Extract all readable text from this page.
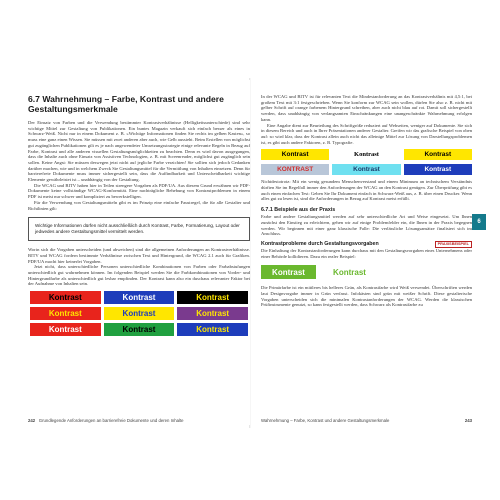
6.7 Wahrnehmung – Farbe, Kontrast und andere Gestaltungsmerkmale

Der Einsatz von Farben und die Verwendung bestimmter Kontrastverhältnisse (Helligkeitsunterschiede) sind sehr wichtige Mittel zur Gestaltung von Publikationen. Ein buntes Magazin verkauft sich einfach besser als eines in Schwarz-Weiß. Nicht nur in einem Dokument z. B. »Wichtige Informationen finden Sie rechts im gelben Kasten«, so muss eine ganz einen Wissen. Sie müssen mit zwei anderen aber auch, wie Gelb aussieht. Beim Erstellen von möglichst gut zugänglichen Publikationen gilt es je nach angewendeter Umsetzungsstrategie einige relevante Regeln in Bezug auf Farbe, Kontrast und alle anderen visuellen Gestaltungsmöglichkeiten zu beachten. Denn es wird davon ausgegangen, dass die Inhalte auch ohne Einsatz von Assistiven Technologien, z. B. mit Screenreader, möglichst gut zugänglich sein sollen. Keine Angst: Sie müssen deswegen jetzt nicht auf jegliche Farbe verzichten! Sie sollten sich jedoch Gedanken darüber machen, wie und in welchem Zweck Sie Gestaltungsmittel für die Vermittlung von Inhalten einsetzen. Denn für barrierefreie Dokumente muss immer sichergestellt sein, dass die Auffindbarkeit und Unterscheidbarkeit wichtige Elemente gewährleistet ist – unabhängig von der Gestaltung.

Die WCAG und BITV haben hier in Teilen strengere Vorgaben als PDF/UA. Aus diesem Grund erwähnen wir PDF-Dokumente keine vollständige WCAG-Konformität. Eine nachträgliche Behebung von Kontrastproblemen in einem PDF ist meist nur schwer und kompliziert zu bewerkstelligen.

Für die Verwendung von Gestaltungsmitteln gibt es im Prinzip eine einfache Faustregel, die für alle Gestalter und Richtlinien gilt:

Wichtige Informationen dürfen nicht ausschließlich durch Kontrast, Farbe, Formatierung, Layout oder jedwedes andere Gestaltungsmittel vermittelt werden.

Worin sich die Vorgaben unterscheiden (und abweichen) sind die allgemeinen Anforderungen an Kontrastverhältnisse. BITV und WCAG fordern bestimmte Verhältnisse zwischen Text und Hintergrund, die WCAG 2.1 auch für Grafiken. PDF/UA macht hier keinerlei Vorgaben.

Jetzt nicht, dass unterschiedliche Personen unterschiedliche Kombinationen von Farben oder Farbabstufungen unterschiedlich gut wahrnehmen können. Im folgenden Beispiel werden Sie die Farbkombinationen von Vorder- und Hintergrundfarbe als unterschiedlich gut lesbar empfinden. Der Kontrast kann also ein duschaus relevanter Faktor bei der Aufnahme von Inhalten sein.

Kontrast	Kontrast	Kontrast
Kontrast	Kontrast	Kontrast
Kontrast	Kontrast	Kontrast
242 Grundlegende Anforderungen an barrierefreie Dokumente und deren Inhalte

In der WCAG und BITV ist für relevanten Text die Mindestanforderung an das Kontrastverhältnis mit 4,5:1, bei großem Text mit 3:1 festgeschrieben. Wenn Sie konform zur WCAG sein wollen, dürfen Sie also z. B. nicht mit gelber Schrift auf orange farbenem Hintergrund schreiben, aber auch nicht blau auf rot. Damit soll sichergestellt werden, dass unabhängig von verlangsamten Einschränkungen eine unangeschränkte Wahrnehmung erfolgen kann.

Eine Angabe dient zur Beurteilung des Schriftgröße reduziert auf Webseiten, weniger auf Dokumente. Sie sich in diesem Bereich und auch in Ihrer Präsentationen anderer Gestalter. Greifen wir das grafische Beispiel von oben auf: so wird klar, dass der Kontrast allein auch nicht das alleinige Mittel zur Lösung von Darstellungsproblemen ist, es gibt auch andere Faktoren, z. B. Typografie.

Kontrast	Kontrast	Kontrast
KONTRAST	Kontrast	Kontrast

Nichtdestotrotz: Mit ein wenig gesundem Menschenverstand und einem Minimum an technischem Verständnis dürften Sie im Regelfall immer den Anforderungen der WCAG an den Kontrast genügen. Zur Überprüfung gibt es auch einen einfachen Test: Geben Sie Ihr Dokument einfach in Schwarz-Weiß aus, z. B. über einen Drucker. Wenn alles gut zu lesen ist, sind die Anforderungen in Bezug auf Kontrast meist erfüllt.

6.7.1 Beispiele aus der Praxis

Farbe und andere Gestaltungsmittel werden auf sehr unterschiedliche Art und Weise eingesetzt. Um Ihnen zunächst den Einstieg zu erleichtern, gehen wir auf einige Problemfelder ein, die Ihnen in der Praxis begegnen werden. Wir beginnen mit einer ganz klassische Falle: Die verlässliche Lösungsansätze finalisiert sich im Anschluss.

Kontrastprobleme durch Gestaltungsvorgaben	PRAXISBEISPIEL

Die Einhaltung der Kontrastanforderungen kann durchaus mit den Gestaltungsvorgaben eines Unternehmens oder einer Behörde kollidieren. Dazu ein realer Beispiel:

Kontrast	Kontrast

Die Primärfarbe ist ein mittleres bis helleres Grün, als Kontrastfarbe wird Weiß verwendet. Überschriften werden laut Designvorgabe immer in Grün verfasst. Infokästen sind grün mit weißer Schrift. Diese gestalterische Vorgaben unterscheiden sich die minimalen Kontrastanforderungen der WCAG. Werden die klassischen Prüfinstrumente genutzt, so kann festgestellt werden, dass Schwarz als Kontrastfarbe zu

Wahrnehmung – Farbe, Kontrast und andere Gestaltungsmerkmale	243
6
